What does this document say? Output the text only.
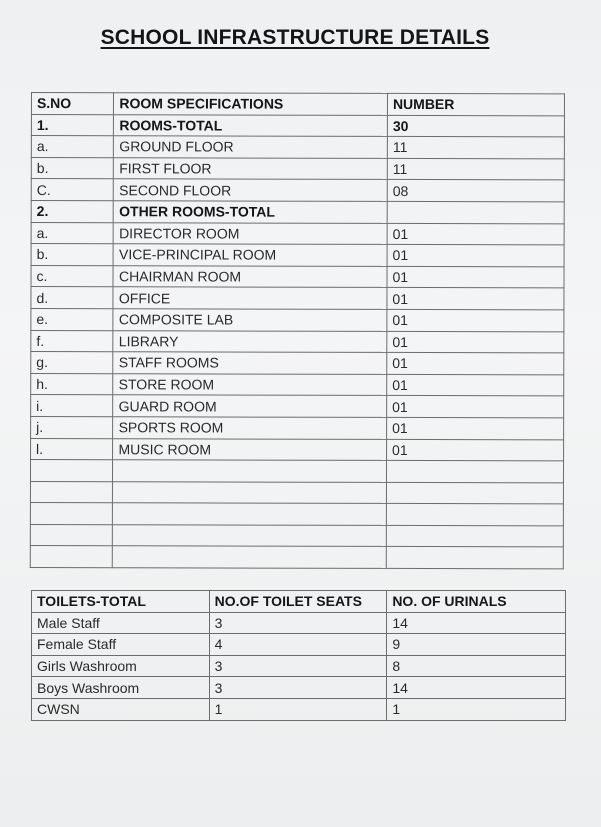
SCHOOL INFRASTRUCTURE DETAILS
S.NO	ROOM SPECIFICATIONS	NUMBER
1.	ROOMS-TOTAL	30
a.	GROUND FLOOR	11
b.	FIRST FLOOR	11
C.	SECOND FLOOR	08
2.	OTHER ROOMS-TOTAL	
a.	DIRECTOR ROOM	01
b.	VICE-PRINCIPAL ROOM	01
c.	CHAIRMAN ROOM	01
d.	OFFICE	01
e.	COMPOSITE LAB	01
f.	LIBRARY	01
g.	STAFF ROOMS	01
h.	STORE ROOM	01
i.	GUARD ROOM	01
j.	SPORTS ROOM	01
l.	MUSIC ROOM	01

TOILETS-TOTAL	NO.OF TOILET SEATS	NO. OF URINALS
Male Staff	3	14
Female Staff	4	9
Girls Washroom	3	8
Boys Washroom	3	14
CWSN	1	1
